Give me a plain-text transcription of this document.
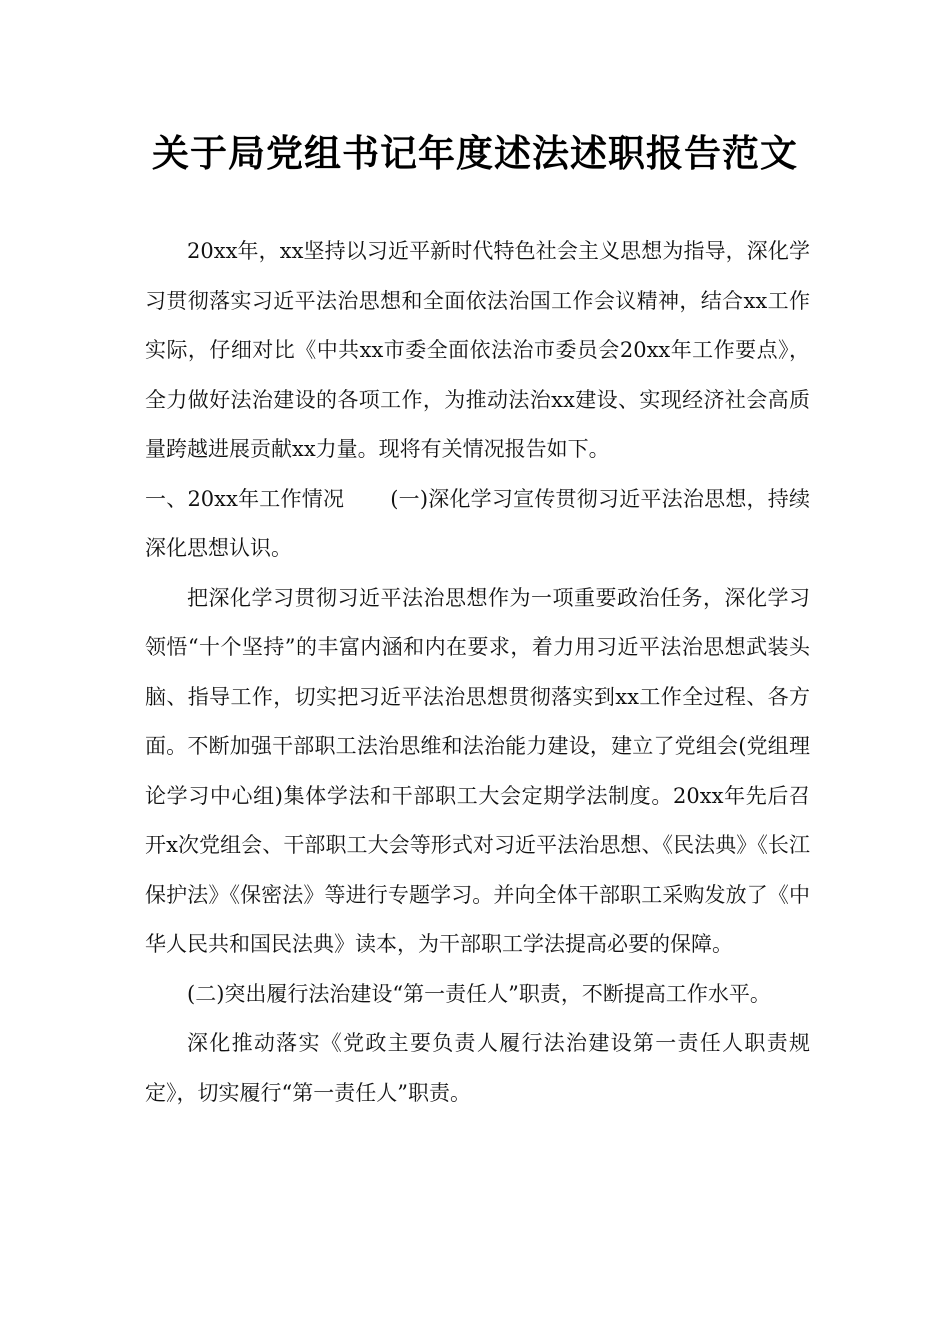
关于局党组书记年度述法述职报告范文

20xx年，xx坚持以习近平新时代特色社会主义思想为指导，深化学习贯彻落实习近平法治思想和全面依法治国工作会议精神，结合xx工作实际，仔细对比《中共xx市委全面依法治市委员会20xx年工作要点》，全力做好法治建设的各项工作，为推动法治xx建设、实现经济社会高质量跨越进展贡献xx力量。现将有关情况报告如下。

一、20xx年工作情况 (一)深化学习宣传贯彻习近平法治思想，持续深化思想认识。

把深化学习贯彻习近平法治思想作为一项重要政治任务，深化学习领悟“十个坚持”的丰富内涵和内在要求，着力用习近平法治思想武装头脑、指导工作，切实把习近平法治思想贯彻落实到xx工作全过程、各方面。不断加强干部职工法治思维和法治能力建设，建立了党组会(党组理论学习中心组)集体学法和干部职工大会定期学法制度。20xx年先后召开x次党组会、干部职工大会等形式对习近平法治思想、《民法典》《长江保护法》《保密法》等进行专题学习。并向全体干部职工采购发放了《中华人民共和国民法典》读本，为干部职工学法提高必要的保障。

(二)突出履行法治建设“第一责任人”职责，不断提高工作水平。

深化推动落实《党政主要负责人履行法治建设第一责任人职责规定》，切实履行“第一责任人”职责。
